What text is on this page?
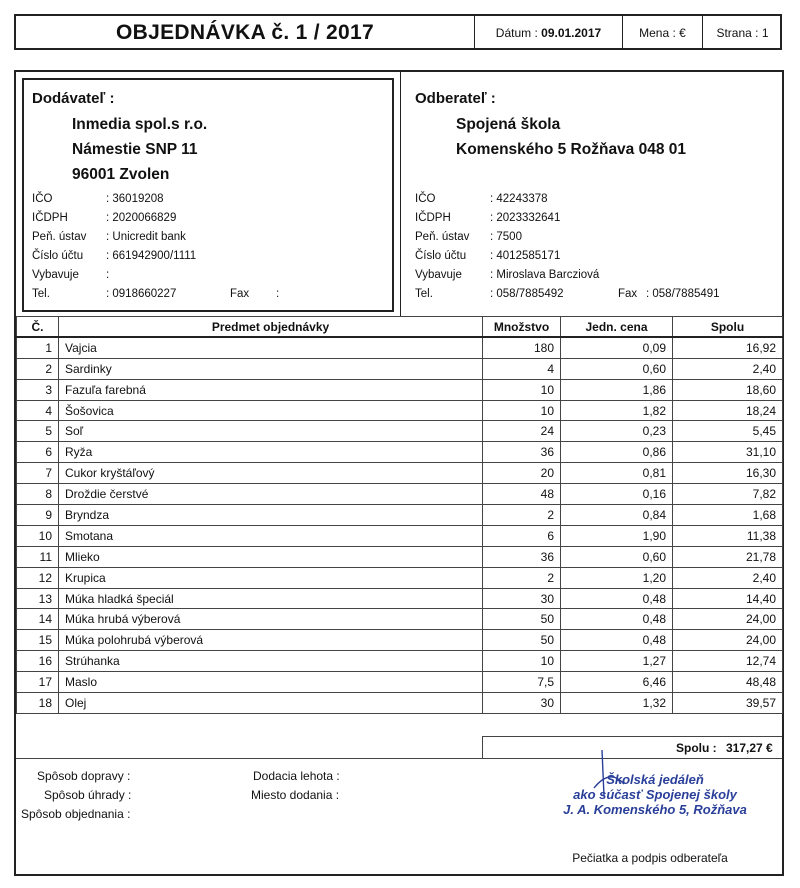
OBJEDNÁVKA č. 1 / 2017	Dátum : 09.01.2017	Mena : €	Strana : 1
Dodávateľ :
Inmedia spol.s r.o.
Námestie SNP 11
96001 Zvolen
IČO	: 36019208
IČDPH	: 2020066829
Peň. ústav : Unicredit bank
Číslo účtu : 661942900/1111
Vybavuje :
Tel.	: 0918660227	Fax :
Odberateľ :
Spojená škola
Komenského 5 Rožňava 048 01
IČO	: 42243378
IČDPH	: 2023332641
Peň. ústav : 7500
Číslo účtu : 4012585171
Vybavuje : Miroslava Barcziová
Tel.	: 058/7885492	Fax : 058/7885491
Č.	Predmet objednávky	Množstvo	Jedn. cena	Spolu
1	Vajcia	180	0,09	16,92
2	Sardinky	4	0,60	2,40
3	Fazuľa farebná	10	1,86	18,60
4	Šošovica	10	1,82	18,24
5	Soľ	24	0,23	5,45
6	Ryža	36	0,86	31,10
7	Cukor kryštáľový	20	0,81	16,30
8	Droždie čerstvé	48	0,16	7,82
9	Bryndza	2	0,84	1,68
10	Smotana	6	1,90	11,38
11	Mlieko	36	0,60	21,78
12	Krupica	2	1,20	2,40
13	Múka hladká špeciál	30	0,48	14,40
14	Múka hrubá výberová	50	0,48	24,00
15	Múka polohrubá výberová	50	0,48	24,00
16	Strúhanka	10	1,27	12,74
17	Maslo	7,5	6,46	48,48
18	Olej	30	1,32	39,57
Spolu : 317,27 €
Spôsob dopravy :
Spôsob úhrady :
Spôsob objednania :
Dodacia lehota :
Miesto dodania :
Školská jedáleň
ako súčasť Spojenej školy
J. A. Komenského 5, Rožňava
Pečiatka a podpis odberateľa
